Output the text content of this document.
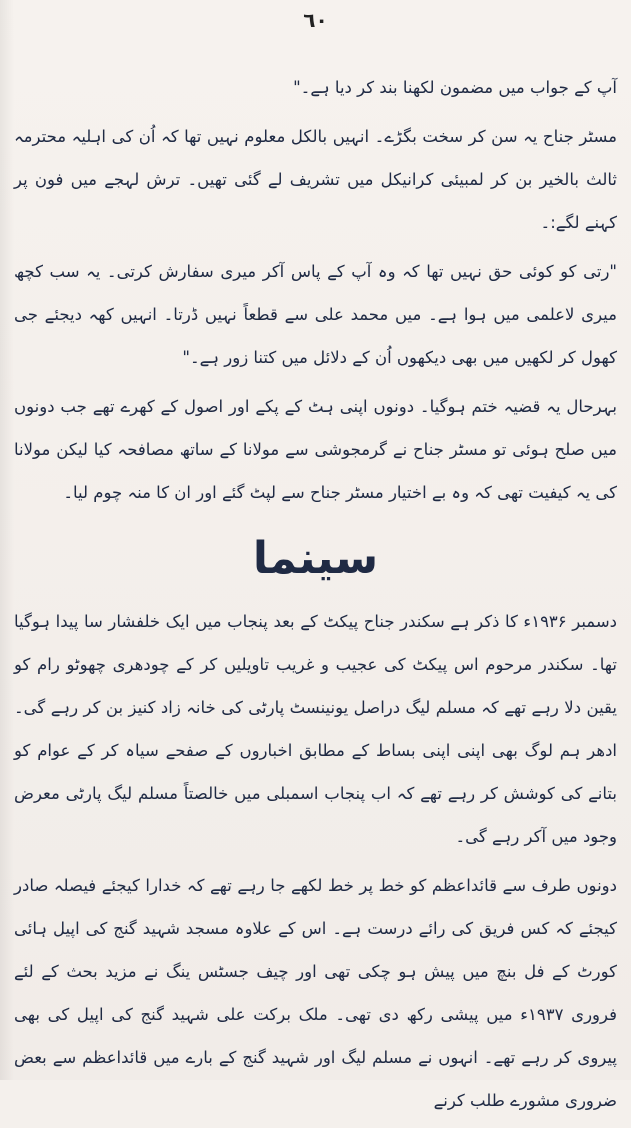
٦٠

آپ کے جواب میں مضمون لکھنا بند کر دیا ہے۔"

مسٹر جناح یہ سن کر سخت بگڑے۔ انہیں بالکل معلوم نہیں تھا کہ اُن کی اہلیہ محترمہ ثالث بالخیر بن کر لمبیئی کرانیکل میں تشریف لے گئی تھیں۔ ترش لہجے میں فون پر کہنے لگے:۔

"رتی کو کوئی حق نہیں تھا کہ وہ آپ کے پاس آکر میری سفارش کرتی۔ یہ سب کچھ میری لاعلمی میں ہوا ہے۔ میں محمد علی سے قطعاً نہیں ڈرتا۔ انہیں کھہ دیجئے جی کھول کر لکھیں میں بھی دیکھوں اُن کے دلائل میں کتنا زور ہے۔"

بہرحال یہ قضیہ ختم ہوگیا۔ دونوں اپنی ہٹ کے پکے اور اصول کے کھرے تھے جب دونوں میں صلح ہوئی تو مسٹر جناح نے گرمجوشی سے مولانا کے ساتھ مصافحہ کیا لیکن مولانا کی یہ کیفیت تھی کہ وہ بے اختیار مسٹر جناح سے لپٹ گئے اور ان کا منہ چوم لیا۔

سینما

دسمبر ۱۹۳۶ء کا ذکر ہے سکندر جناح پیکٹ کے بعد پنجاب میں ایک خلفشار سا پیدا ہوگیا تھا۔ سکندر مرحوم اس پیکٹ کی عجیب و غریب تاویلیں کر کے چودھری چھوٹو رام کو یقین دلا رہے تھے کہ مسلم لیگ دراصل یونینسٹ پارٹی کی خانہ زاد کنیز بن کر رہے گی۔ ادھر ہم لوگ بھی اپنی اپنی بساط کے مطابق اخباروں کے صفحے سیاہ کر کے عوام کو بتانے کی کوشش کر رہے تھے کہ اب پنجاب اسمبلی میں خالصتاً مسلم لیگ پارٹی معرض وجود میں آکر رہے گی۔

دونوں طرف سے قائداعظم کو خط پر خط لکھے جا رہے تھے کہ خدارا کیجئے فیصلہ صادر کیجئے کہ کس فریق کی رائے درست ہے۔ اس کے علاوہ مسجد شہید گنج کی اپیل ہائی کورٹ کے فل بنچ میں پیش ہو چکی تھی اور چیف جسٹس ینگ نے مزید بحث کے لئے فروری ۱۹۳۷ء میں پیشی رکھ دی تھی۔ ملک برکت علی شہید گنج کی اپیل کی بھی پیروی کر رہے تھے۔ انہوں نے مسلم لیگ اور شہید گنج کے بارے میں قائداعظم سے بعض ضروری مشورے طلب کرنے
